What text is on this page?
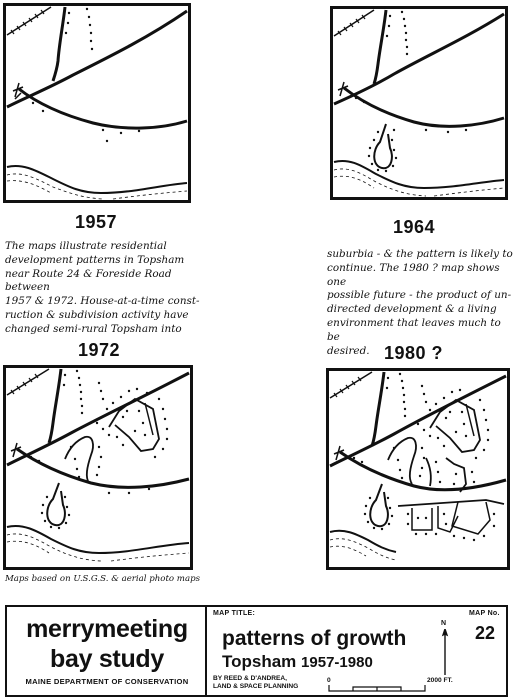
1957	1964
The maps illustrate residential
development patterns in Topsham
near Route 24 & Foreside Road between
1957 & 1972. House-at-a-time const-
ruction & subdivision activity have
changed semi-rural Topsham into
suburbia - & the pattern is likely to
continue. The 1980 ? map shows one
possible future - the product of un-
directed development & a living
environment that leaves much to be
desired.
1972
Maps based on U.S.G.S. & aerial photo maps
1980 ?
merrymeeting
bay study
MAINE DEPARTMENT OF CONSERVATION
MAP TITLE:
patterns of growth
Topsham 1957-1980
BY REED & D'ANDREA,
LAND & SPACE PLANNING
MAP No.
22
N
0	2000 FT.
